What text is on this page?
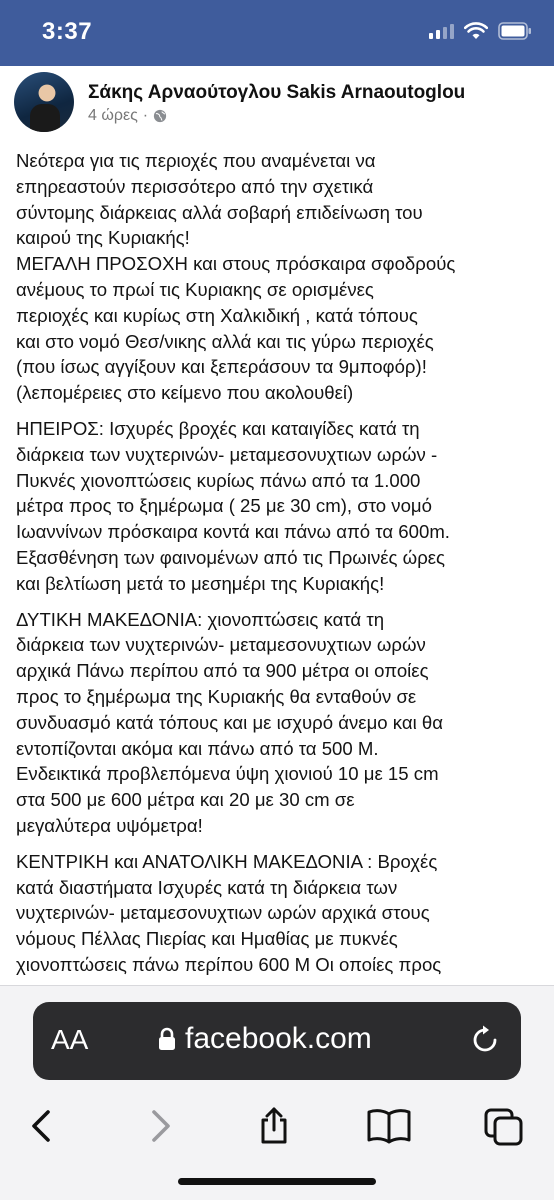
3:37
Σάκης Αρναούτογλου Sakis Arnaoutoglou
4 ώρες ·

Νεότερα για τις περιοχές που αναμένεται να
επηρεαστούν περισσότερο από την σχετικά
σύντομης διάρκειας αλλά σοβαρή επιδείνωση του
καιρού της Κυριακής!
ΜΕΓΑΛΗ ΠΡΟΣΟΧΗ και στους πρόσκαιρα σφοδρούς
ανέμους το πρωί τις Κυριακης σε ορισμένες
περιοχές και κυρίως στη Χαλκιδική , κατά τόπους
και στο νομό Θεσ/νικης αλλά και τις γύρω περιοχές
(που ίσως αγγίξουν και ξεπεράσουν τα 9μποφόρ)!
(λεπομέρειες στο κείμενο που ακολουθεί)

ΗΠΕΙΡΟΣ: Ισχυρές βροχές και καταιγίδες κατά τη
διάρκεια των νυχτερινών- μεταμεσονυχτιων ωρών -
Πυκνές χιονοπτώσεις κυρίως πάνω από τα 1.000
μέτρα προς το ξημέρωμα ( 25 με 30 cm), στο νομό
Ιωαννίνων πρόσκαιρα κοντά και πάνω από τα 600m.
Εξασθένηση των φαινομένων από τις Πρωινές ώρες
και βελτίωση μετά το μεσημέρι της Κυριακής!

ΔΥΤΙΚΗ ΜΑΚΕΔΟΝΙΑ: χιονοπτώσεις κατά τη
διάρκεια των νυχτερινών- μεταμεσονυχτιων ωρών
αρχικά Πάνω περίπου από τα 900 μέτρα οι οποίες
προς το ξημέρωμα της Κυριακής θα ενταθούν σε
συνδυασμό κατά τόπους και με ισχυρό άνεμο και θα
εντοπίζονται ακόμα και πάνω από τα 500 Μ.
Ενδεικτικά προβλεπόμενα ύψη χιονιού 10 με 15 cm
στα 500 με 600 μέτρα και 20 με 30 cm σε
μεγαλύτερα υψόμετρα!

ΚΕΝΤΡΙΚΗ και ΑΝΑΤΟΛΙΚΗ ΜΑΚΕΔΟΝΙΑ : Βροχές
κατά διαστήματα Ισχυρές κατά τη διάρκεια των
νυχτερινών- μεταμεσονυχτιων ωρών αρχικά στους
νόμους Πέλλας Πιερίας και Ημαθίας με πυκνές
χιονοπτώσεις πάνω περίπου 600 Μ Οι οποίες προς

AA	facebook.com
